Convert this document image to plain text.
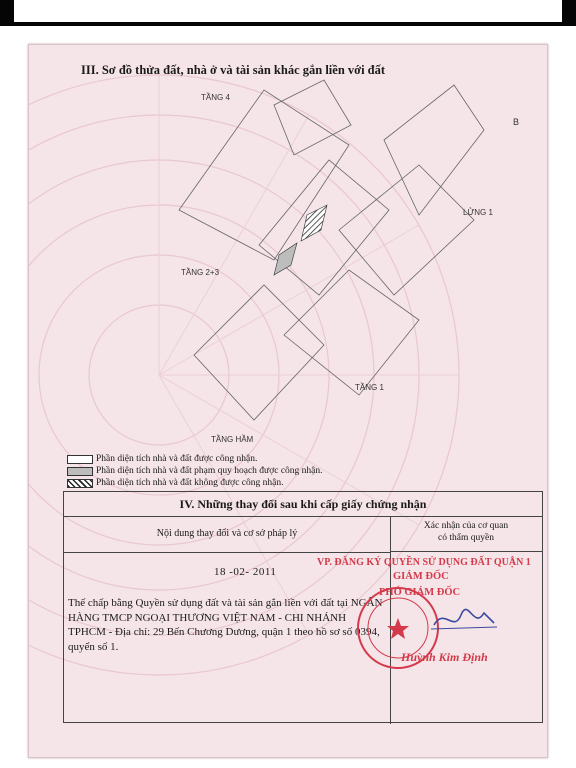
III. Sơ đồ thửa đất, nhà ở và tài sản khác gắn liền với đất
TẦNG 4
TẦNG 2+3
TẦNG HẦM
TẦNG 1
LỬNG 1
B
Phần diện tích nhà và đất được công nhận.
Phần diện tích nhà và đất phạm quy hoạch được công nhận.
Phần diện tích nhà và đất không được công nhận.
IV. Những thay đổi sau khi cấp giấy chứng nhận
Nội dung thay đổi và cơ sở pháp lý
Xác nhận của cơ quan
có thẩm quyền
18 -02- 2011
Thế chấp bằng Quyền sử dụng đất và tài sản gắn liền với đất tại NGÂN HÀNG TMCP NGOẠI THƯƠNG VIỆT NAM - CHI NHÁNH TPHCM - Địa chỉ: 29 Bến Chương Dương, quận 1 theo hồ sơ số 0394, quyển số 1.
VP. ĐĂNG KÝ QUYỀN SỬ DỤNG ĐẤT QUẬN 1
GIÁM ĐỐC
PHÓ GIÁM ĐỐC
Huỳnh Kim Định
